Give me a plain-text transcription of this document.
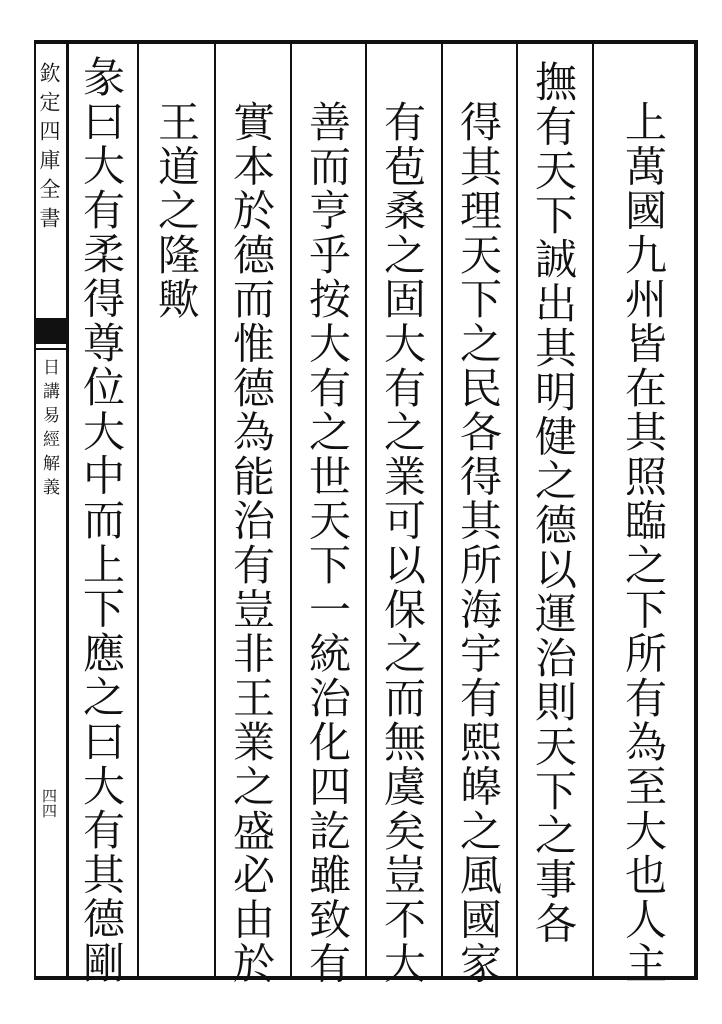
欽定四庫全書
日講易經解義
四四	上萬國九州皆在其照臨之下所有為至大也人主
撫有天下誠出其明健之德以運治則天下之事各
得其理天下之民各得其所海宇有熙皞之風國家
有苞桑之固大有之業可以保之而無虞矣豈不大
善而亨乎按大有之世天下一統治化四訖雖致有
實本於德而惟德為能治有豈非王業之盛必由於
王道之隆歟
彖曰大有柔得尊位大中而上下應之曰大有其德剛
